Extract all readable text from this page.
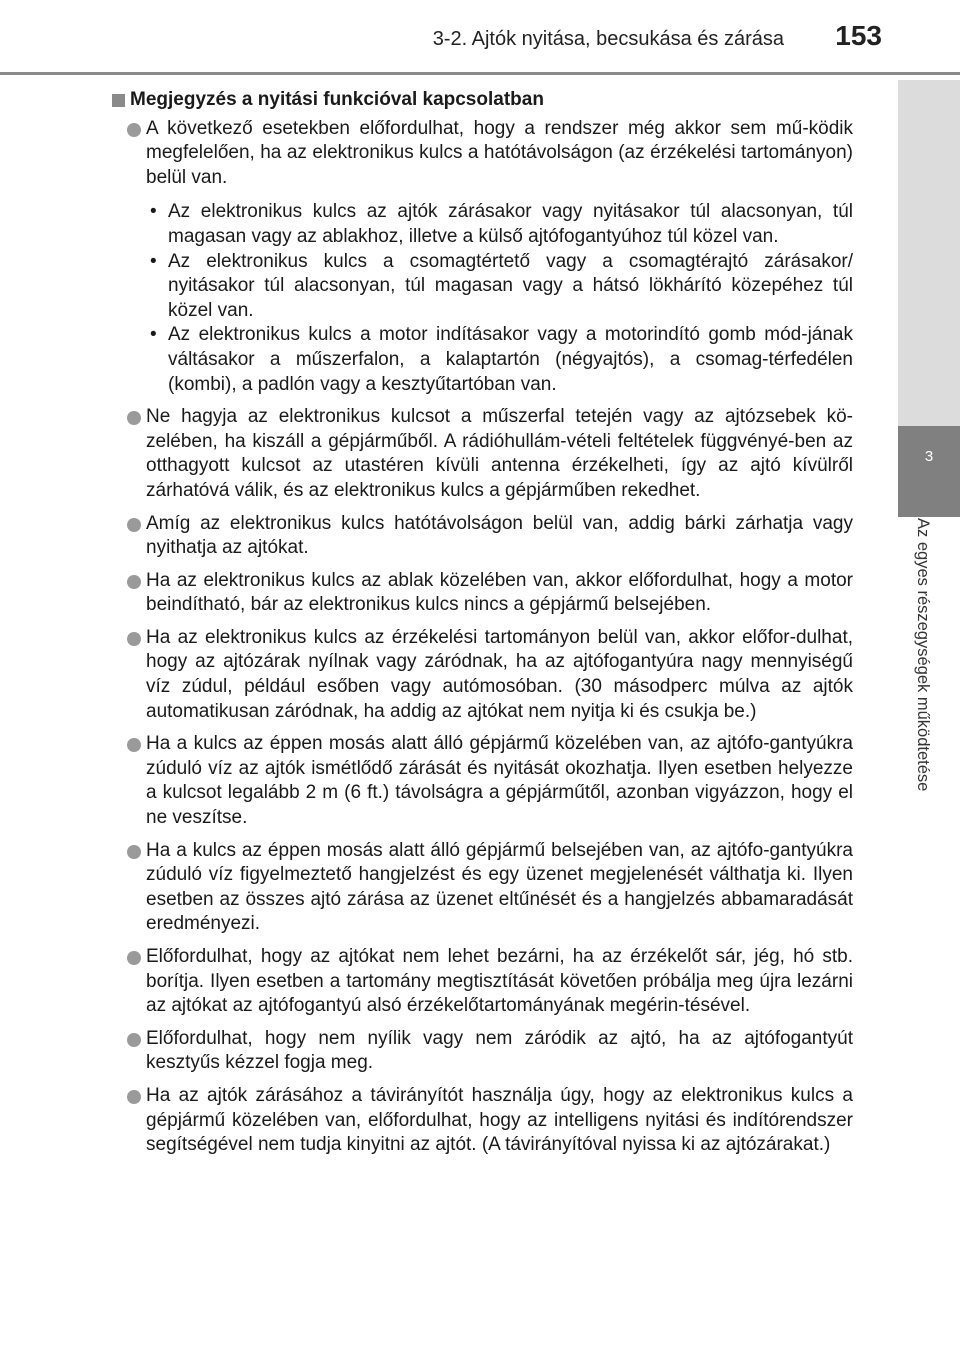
3-2. Ajtók nyitása, becsukása és zárása 153
3
Az egyes részegységek működtetése
Megjegyzés a nyitási funkcióval kapcsolatban
A következő esetekben előfordulhat, hogy a rendszer még akkor sem mű-ködik megfelelően, ha az elektronikus kulcs a hatótávolságon (az érzékelési tartományon) belül van.
• Az elektronikus kulcs az ajtók zárásakor vagy nyitásakor túl alacsonyan, túl magasan vagy az ablakhoz, illetve a külső ajtófogantyúhoz túl közel van.
• Az elektronikus kulcs a csomagtértető vagy a csomagtérajtó zárásakor/ nyitásakor túl alacsonyan, túl magasan vagy a hátsó lökhárító közepéhez túl közel van.
• Az elektronikus kulcs a motor indításakor vagy a motorindító gomb mód-jának váltásakor a műszerfalon, a kalaptartón (négyajtós), a csomag-térfedélen (kombi), a padlón vagy a kesztyűtartóban van.
Ne hagyja az elektronikus kulcsot a műszerfal tetején vagy az ajtózsebek kö-zelében, ha kiszáll a gépjárműből. A rádióhullám-vételi feltételek függvényé-ben az otthagyott kulcsot az utastéren kívüli antenna érzékelheti, így az ajtó kívülről zárhatóvá válik, és az elektronikus kulcs a gépjárműben rekedhet.
Amíg az elektronikus kulcs hatótávolságon belül van, addig bárki zárhatja vagy nyithatja az ajtókat.
Ha az elektronikus kulcs az ablak közelében van, akkor előfordulhat, hogy a motor beindítható, bár az elektronikus kulcs nincs a gépjármű belsejében.
Ha az elektronikus kulcs az érzékelési tartományon belül van, akkor előfor-dulhat, hogy az ajtózárak nyílnak vagy záródnak, ha az ajtófogantyúra nagy mennyiségű víz zúdul, például esőben vagy autómosóban. (30 másodperc múlva az ajtók automatikusan záródnak, ha addig az ajtókat nem nyitja ki és csukja be.)
Ha a kulcs az éppen mosás alatt álló gépjármű közelében van, az ajtófo-gantyúkra zúduló víz az ajtók ismétlődő zárását és nyitását okozhatja. Ilyen esetben helyezze a kulcsot legalább 2 m (6 ft.) távolságra a gépjárműtől, azonban vigyázzon, hogy el ne veszítse.
Ha a kulcs az éppen mosás alatt álló gépjármű belsejében van, az ajtófo-gantyúkra zúduló víz figyelmeztető hangjelzést és egy üzenet megjelenését válthatja ki. Ilyen esetben az összes ajtó zárása az üzenet eltűnését és a hangjelzés abbamaradását eredményezi.
Előfordulhat, hogy az ajtókat nem lehet bezárni, ha az érzékelőt sár, jég, hó stb. borítja. Ilyen esetben a tartomány megtisztítását követően próbálja meg újra lezárni az ajtókat az ajtófogantyú alsó érzékelőtartományának megérin-tésével.
Előfordulhat, hogy nem nyílik vagy nem záródik az ajtó, ha az ajtófogantyút kesztyűs kézzel fogja meg.
Ha az ajtók zárásához a távirányítót használja úgy, hogy az elektronikus kulcs a gépjármű közelében van, előfordulhat, hogy az intelligens nyitási és indítórendszer segítségével nem tudja kinyitni az ajtót. (A távirányítóval nyissa ki az ajtózárakat.)
